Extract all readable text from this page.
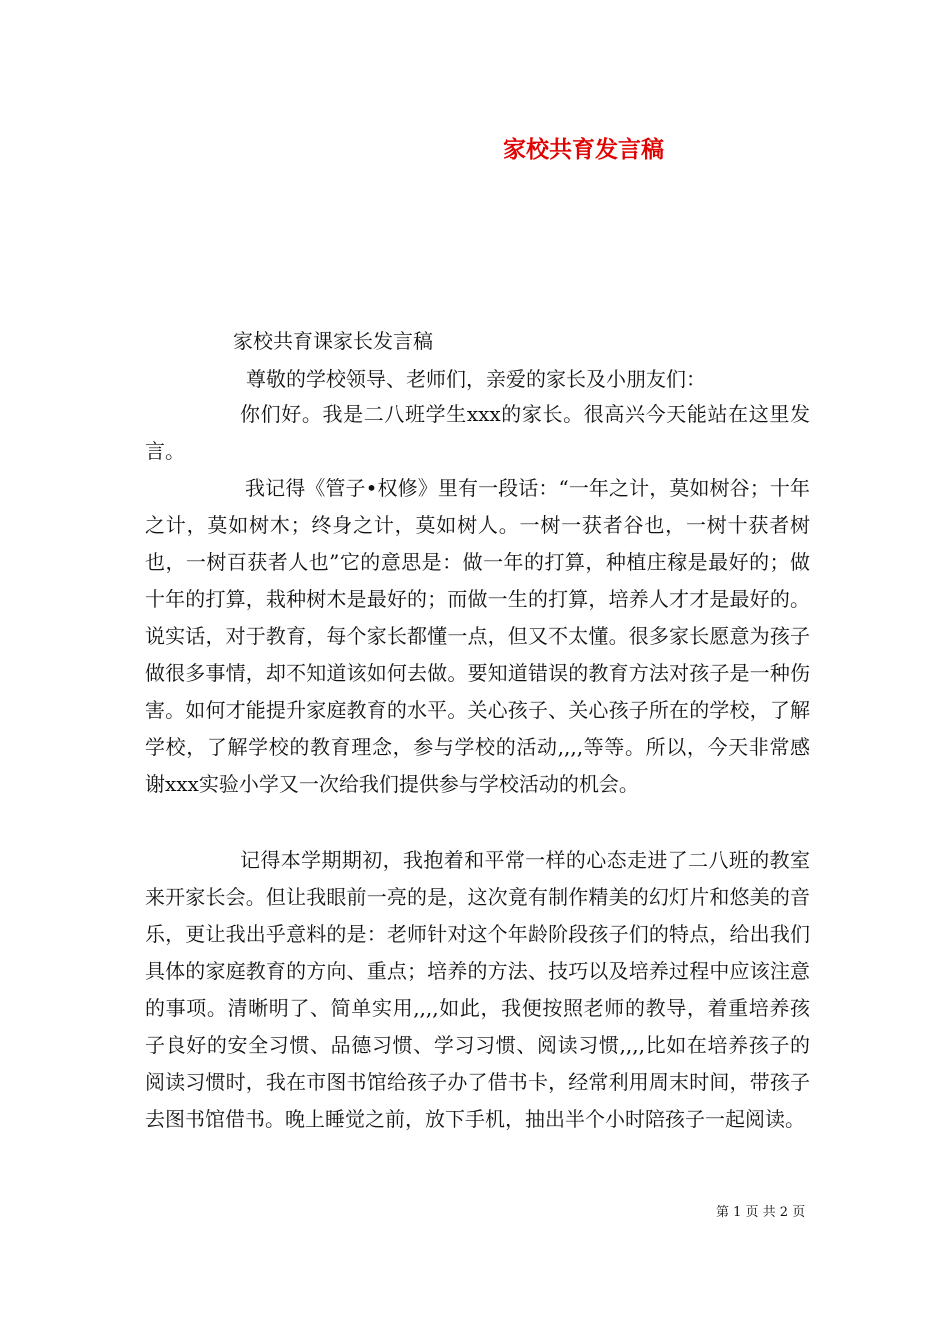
家校共育发言稿

家校共育课家长发言稿

尊敬的学校领导、老师们，亲爱的家长及小朋友们：

你们好。我是二八班学生xxx的家长。很高兴今天能站在这里发言。

我记得《管子•权修》里有一段话：“一年之计，莫如树谷；十年之计，莫如树木；终身之计，莫如树人。一树一获者谷也，一树十获者树也，一树百获者人也”它的意思是：做一年的打算，种植庄稼是最好的；做十年的打算，栽种树木是最好的；而做一生的打算，培养人才才是最好的。说实话，对于教育，每个家长都懂一点，但又不太懂。很多家长愿意为孩子做很多事情，却不知道该如何去做。要知道错误的教育方法对孩子是一种伤害。如何才能提升家庭教育的水平。关心孩子、关心孩子所在的学校，了解学校，了解学校的教育理念，参与学校的活动,,,,等等。所以，今天非常感谢xxx实验小学又一次给我们提供参与学校活动的机会。

记得本学期期初，我抱着和平常一样的心态走进了二八班的教室来开家长会。但让我眼前一亮的是，这次竟有制作精美的幻灯片和悠美的音乐，更让我出乎意料的是：老师针对这个年龄阶段孩子们的特点，给出我们具体的家庭教育的方向、重点；培养的方法、技巧以及培养过程中应该注意的事项。清晰明了、简单实用,,,,如此，我便按照老师的教导，着重培养孩子良好的安全习惯、品德习惯、学习习惯、阅读习惯,,,,比如在培养孩子的阅读习惯时，我在市图书馆给孩子办了借书卡，经常利用周末时间，带孩子去图书馆借书。晚上睡觉之前，放下手机，抽出半个小时陪孩子一起阅读。

第 1 页 共 2 页
